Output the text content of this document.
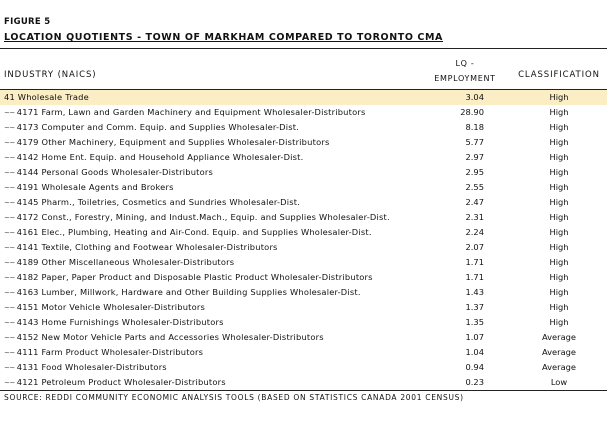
FIGURE 5
LOCATION QUOTIENTS - TOWN OF MARKHAM COMPARED TO TORONTO CMA
INDUSTRY (NAICS)
LQ -
EMPLOYMENT	CLASSIFICATION
41 Wholesale Trade	3.04	High
~~ 4171 Farm, Lawn and Garden Machinery and Equipment Wholesaler-Distributors	28.90	High
~~ 4173 Computer and Comm. Equip. and Supplies Wholesaler-Dist.	8.18	High
~~ 4179 Other Machinery, Equipment and Supplies Wholesaler-Distributors	5.77	High
~~ 4142 Home Ent. Equip. and Household Appliance Wholesaler-Dist.	2.97	High
~~ 4144 Personal Goods Wholesaler-Distributors	2.95	High
~~ 4191 Wholesale Agents and Brokers	2.55	High
~~ 4145 Pharm., Toiletries, Cosmetics and Sundries Wholesaler-Dist.	2.47	High
~~ 4172 Const., Forestry, Mining, and Indust.Mach., Equip. and Supplies Wholesaler-Dist.	2.31	High
~~ 4161 Elec., Plumbing, Heating and Air-Cond. Equip. and Supplies Wholesaler-Dist.	2.24	High
~~ 4141 Textile, Clothing and Footwear Wholesaler-Distributors	2.07	High
~~ 4189 Other Miscellaneous Wholesaler-Distributors	1.71	High
~~ 4182 Paper, Paper Product and Disposable Plastic Product Wholesaler-Distributors	1.71	High
~~ 4163 Lumber, Millwork, Hardware and Other Building Supplies Wholesaler-Dist.	1.43	High
~~ 4151 Motor Vehicle Wholesaler-Distributors	1.37	High
~~ 4143 Home Furnishings Wholesaler-Distributors	1.35	High
~~ 4152 New Motor Vehicle Parts and Accessories Wholesaler-Distributors	1.07	Average
~~ 4111 Farm Product Wholesaler-Distributors	1.04	Average
~~ 4131 Food Wholesaler-Distributors	0.94	Average
~~ 4121 Petroleum Product Wholesaler-Distributors	0.23	Low
SOURCE: REDDI COMMUNITY ECONOMIC ANALYSIS TOOLS (BASED ON STATISTICS CANADA 2001 CENSUS)
